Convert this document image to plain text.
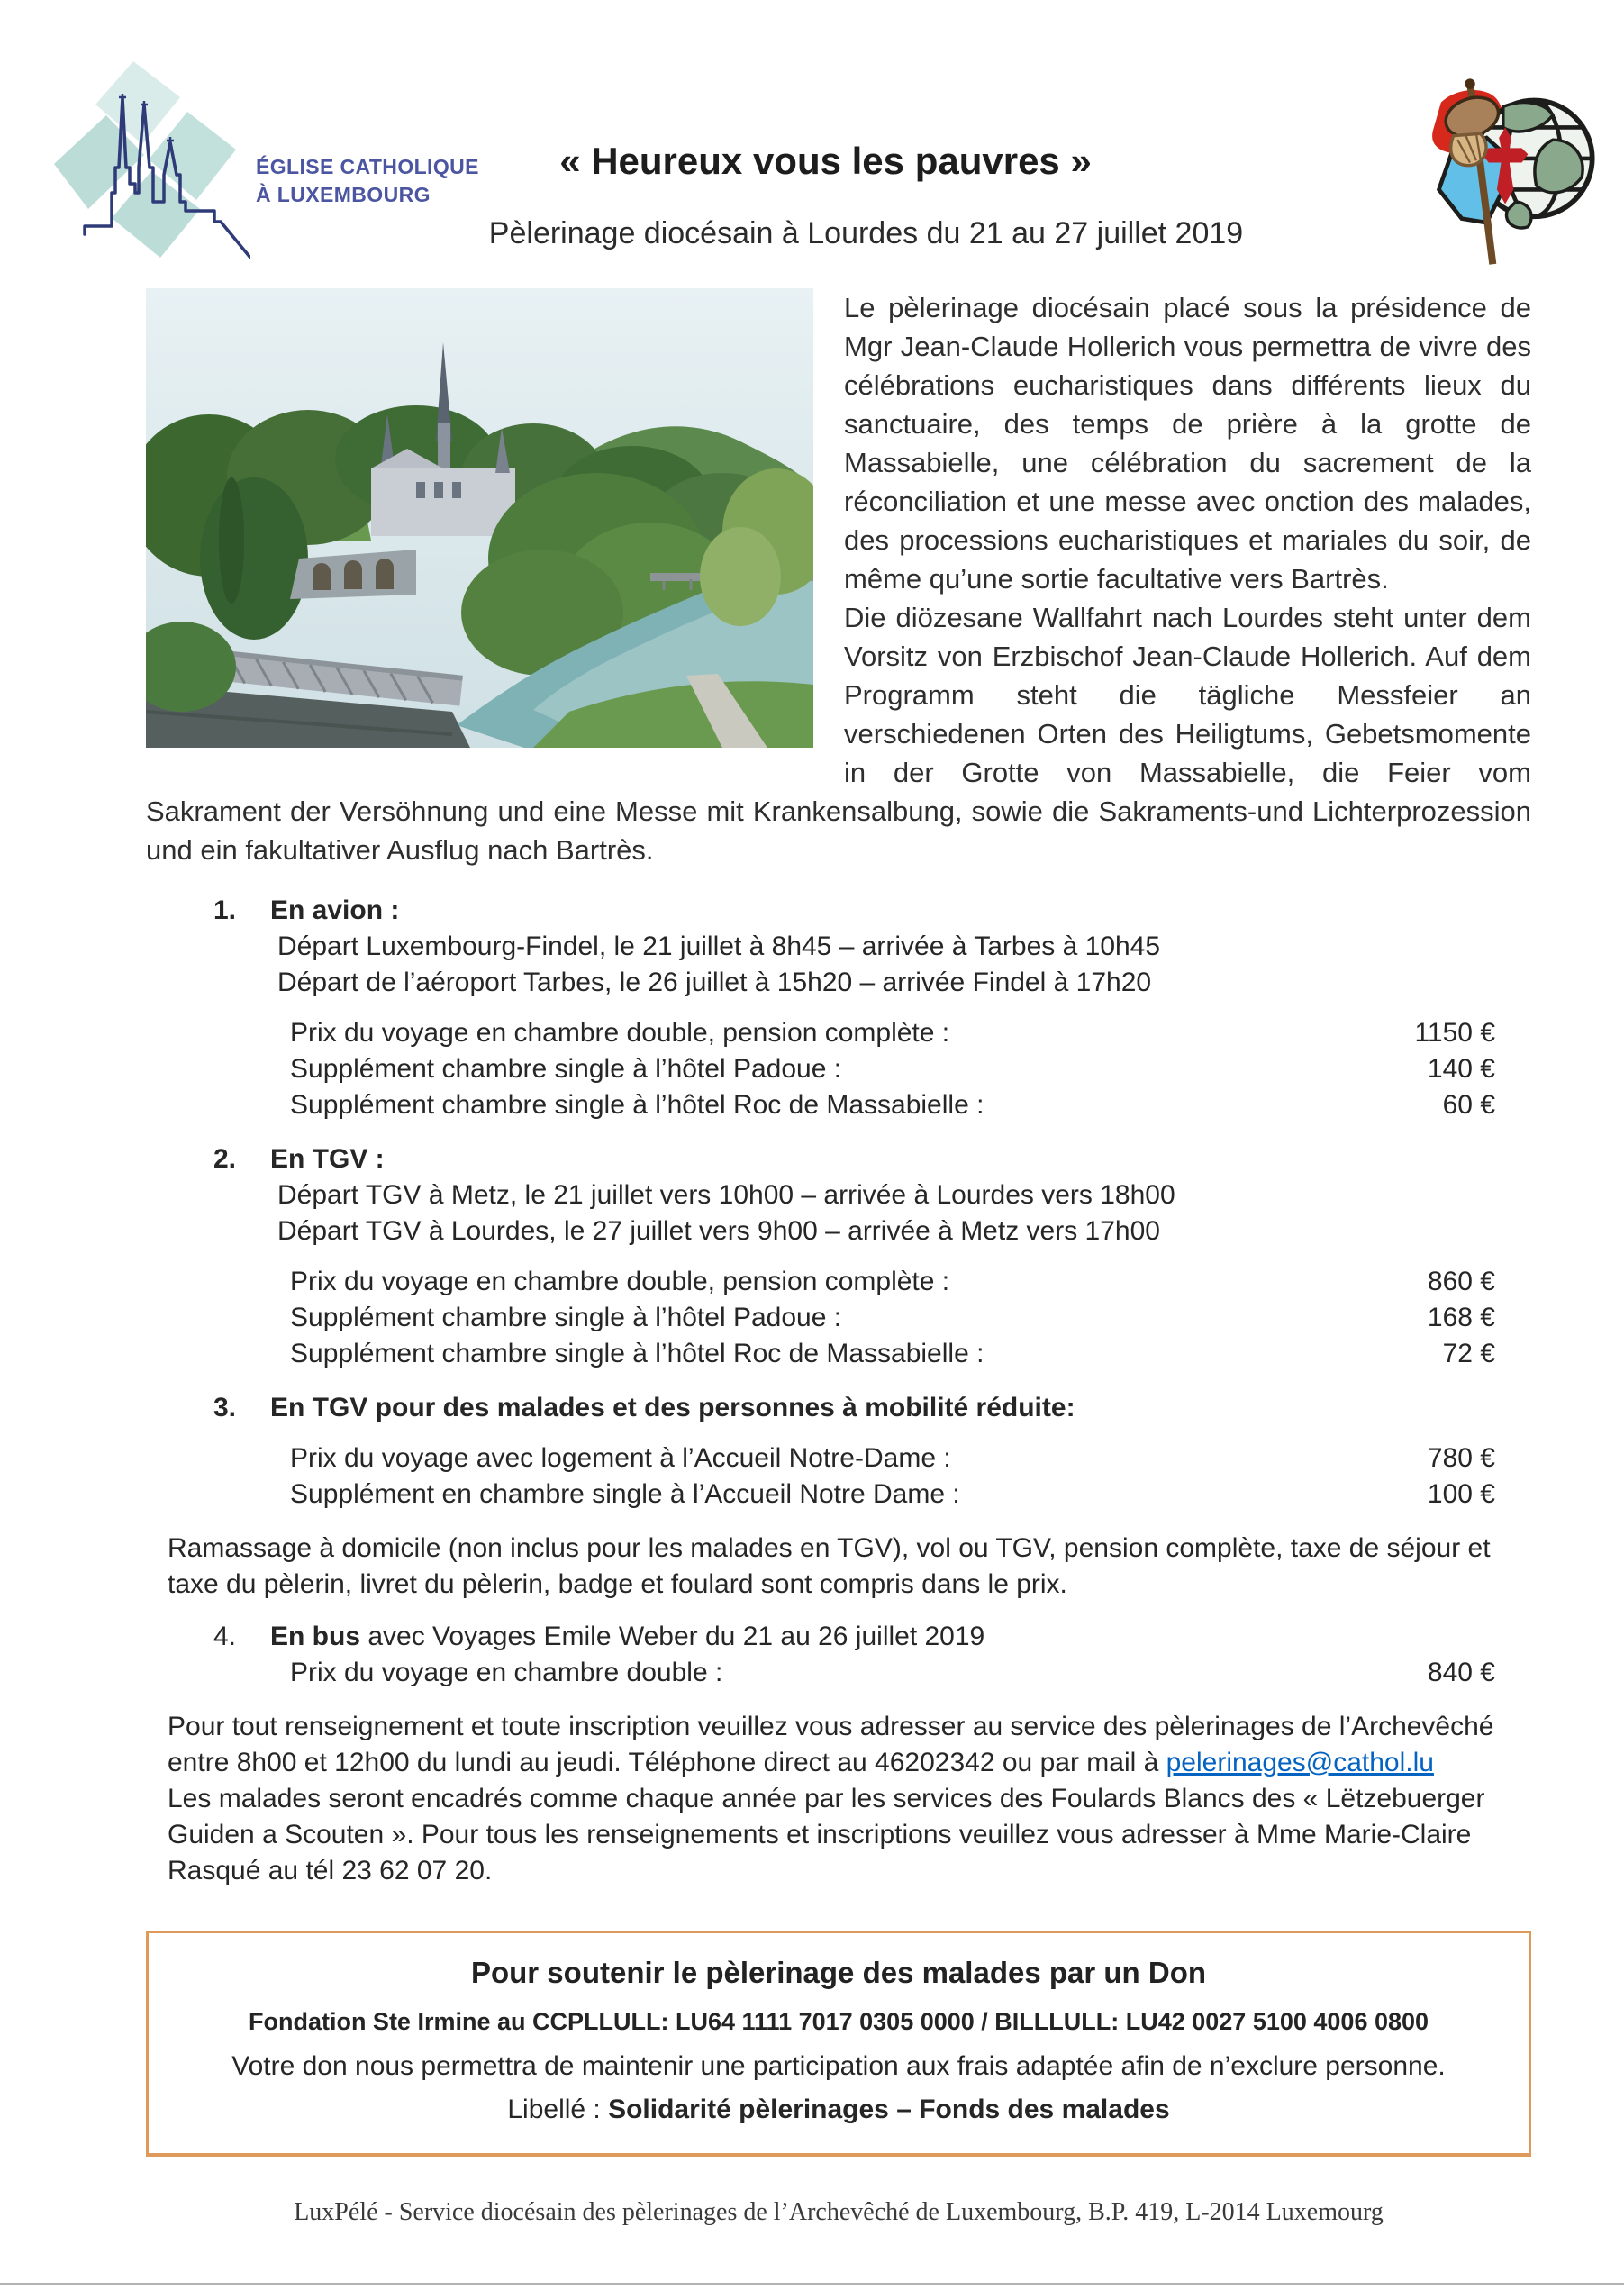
ÉGLISE CATHOLIQUE
À LUXEMBOURG
« Heureux vous les pauvres »
Pèlerinage diocésain à Lourdes du 21 au 27 juillet 2019

Le pèlerinage diocésain placé sous la présidence de Mgr Jean-Claude Hollerich vous permettra de vivre des célébrations eucharistiques dans différents lieux du sanctuaire, des temps de prière à la grotte de Massabielle, une célébration du sacrement de la réconciliation et une messe avec onction des malades, des processions eucharistiques et mariales du soir, de même qu’une sortie facultative vers Bartrès.

Die diözesane Wallfahrt nach Lourdes steht unter dem Vorsitz von Erzbischof Jean-Claude Hollerich. Auf dem Programm steht die tägliche Messfeier an verschiedenen Orten des Heiligtums, Gebetsmomente in der Grotte von Massabielle, die Feier vom Sakrament der Versöhnung und eine Messe mit Krankensalbung, sowie die Sakraments-und Lichterprozession und ein fakultativer Ausflug nach Bartrès.

1.	En avion :
Départ Luxembourg-Findel, le 21 juillet à 8h45 – arrivée à Tarbes à 10h45
Départ de l’aéroport Tarbes, le 26 juillet à 15h20 – arrivée Findel à 17h20
Prix du voyage en chambre double, pension complète :	1150 €
Supplément chambre single à l’hôtel Padoue :	140 €
Supplément chambre single à l’hôtel Roc de Massabielle :	60 €
2.	En TGV :
Départ TGV à Metz, le 21 juillet vers 10h00 – arrivée à Lourdes vers 18h00
Départ TGV à Lourdes, le 27 juillet vers 9h00 – arrivée à Metz vers 17h00
Prix du voyage en chambre double, pension complète :	860 €
Supplément chambre single à l’hôtel Padoue :	168 €
Supplément chambre single à l’hôtel Roc de Massabielle :	72 €
3.	En TGV pour des malades et des personnes à mobilité réduite:
Prix du voyage avec logement à l’Accueil Notre-Dame :	780 €
Supplément en chambre single à l’Accueil Notre Dame :	100 €

Ramassage à domicile (non inclus pour les malades en TGV), vol ou TGV, pension complète, taxe de séjour et taxe du pèlerin, livret du pèlerin, badge et foulard sont compris dans le prix.

4.	En bus avec Voyages Emile Weber du 21 au 26 juillet 2019
Prix du voyage en chambre double :	840 €

Pour tout renseignement et toute inscription veuillez vous adresser au service des pèlerinages de l’Archevêché entre 8h00 et 12h00 du lundi au jeudi. Téléphone direct au 46202342 ou par mail à pelerinages@cathol.lu

Les malades seront encadrés comme chaque année par les services des Foulards Blancs des « Lëtzebuerger Guiden a Scouten ». Pour tous les renseignements et inscriptions veuillez vous adresser à Mme Marie-Claire Rasqué au tél 23 62 07 20.

Pour soutenir le pèlerinage des malades par un Don
Fondation Ste Irmine au CCPLLULL: LU64 1111 7017 0305 0000 / BILLLULL: LU42 0027 5100 4006 0800
Votre don nous permettra de maintenir une participation aux frais adaptée afin de n’exclure personne.
Libellé : Solidarité pèlerinages – Fonds des malades
LuxPélé - Service diocésain des pèlerinages de l’Archevêché de Luxembourg, B.P. 419, L-2014 Luxemourg
